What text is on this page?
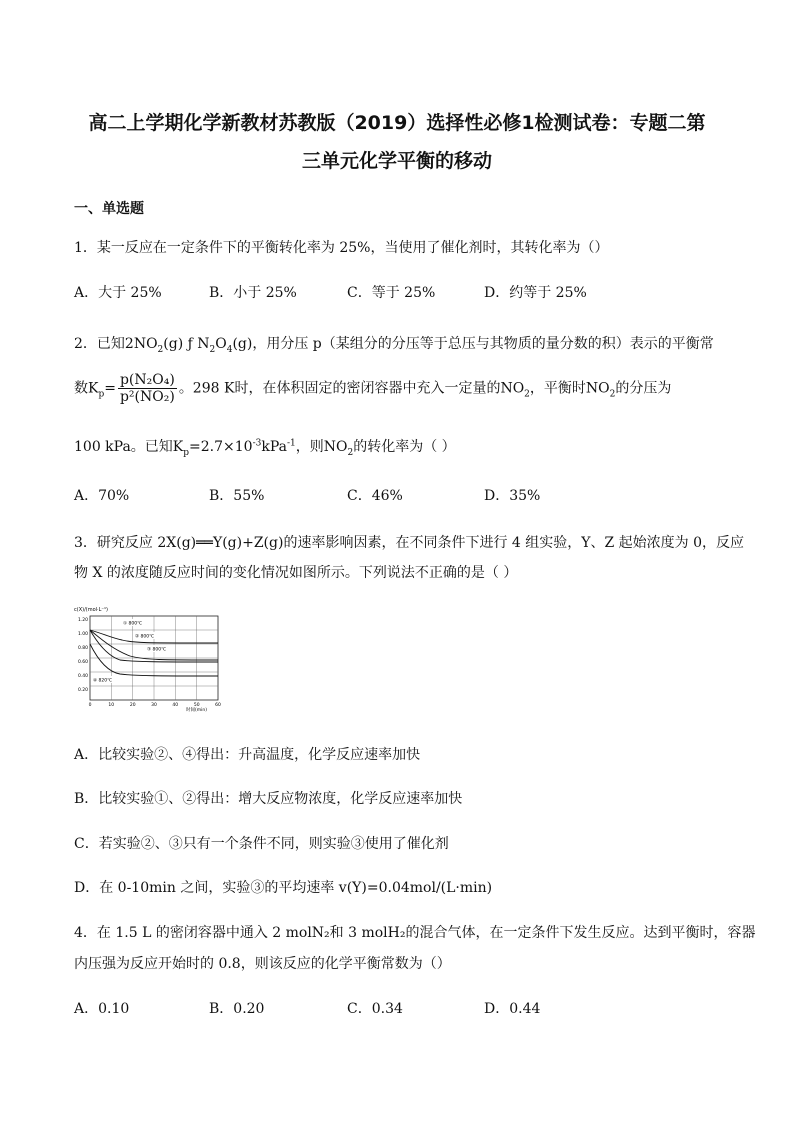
高二上学期化学新教材苏教版（2019）选择性必修1检测试卷：专题二第
三单元化学平衡的移动
一、单选题
1．某一反应在一定条件下的平衡转化率为 25%，当使用了催化剂时，其转化率为（）
A．大于 25%	B．小于 25%	C．等于 25%	D．约等于 25%
2．已知$2NO_2(g)$ ƒ $N_2O_4(g)$，用分压 p（某组分的分压等于总压与其物质的量分数的积）表示的平衡常
数$K_p= \frac{\text{p(N₂O₄)}}{\text{p²(NO₂)}}$ 。298 K时，在体积固定的密闭容器中充入一定量的$NO_2$，平衡时$NO_2$的分压为
100 kPa。已知$K_p=2.7\times 10^{-3}kPa^{-1}$，则$NO_2$的转化率为（ ）
A．70%	B．55%	C．46%	D．35%
3．研究反应 2X(g)══Y(g)+Z(g)的速率影响因素，在不同条件下进行 4 组实验，Y、Z 起始浓度为 0，反应
物 X 的浓度随反应时间的变化情况如图所示。下列说法不正确的是（ ）
c(X)/(mol·L⁻¹)
1.20
1.00
0.80
0.60
0.40
0.20
0	10	20	30	40	50	60
时间(min)
① 800℃
② 800℃
③ 800℃
④ 820℃
A．比较实验②、④得出：升高温度，化学反应速率加快
B．比较实验①、②得出：增大反应物浓度，化学反应速率加快
C．若实验②、③只有一个条件不同，则实验③使用了催化剂
D．在 0-10min 之间，实验③的平均速率 v(Y)=0.04mol/(L·min)
4．在 1.5 L 的密闭容器中通入 2 molN₂和 3 molH₂的混合气体，在一定条件下发生反应。达到平衡时，容器
内压强为反应开始时的 0.8，则该反应的化学平衡常数为（）
A．0.10	B．0.20	C．0.34	D．0.44
